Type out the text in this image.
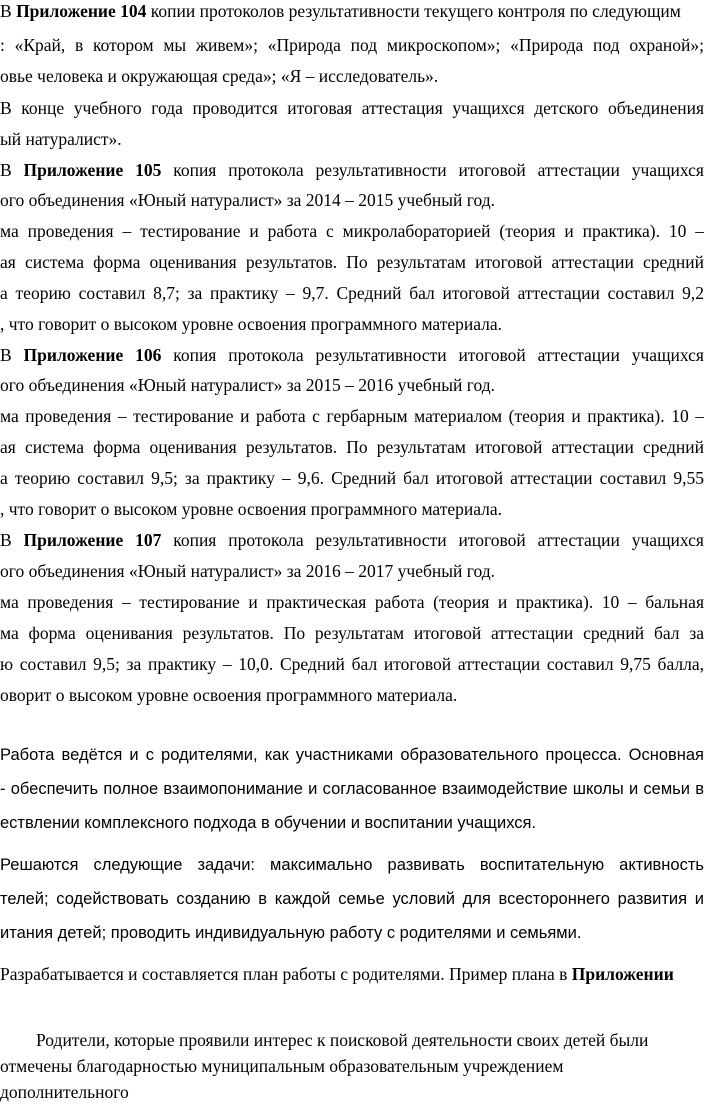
В Приложение 104 копии протоколов результативности текущего контроля по следующим
: «Край, в котором мы живем»; «Природа под микроскопом»; «Природа под охраной»;
овье человека и окружающая среда»; «Я – исследователь».
В конце учебного года проводится итоговая аттестация учащихся детского объединения
ый натуралист».
В Приложение 105 копия протокола результативности итоговой аттестации учащихся
ого объединения «Юный натуралист» за 2014 – 2015 учебный год.
ма проведения – тестирование и работа с микролабораторией (теория и практика). 10 –
ая система форма оценивания результатов. По результатам итоговой аттестации средний
а теорию составил 8,7; за практику – 9,7. Средний бал итоговой аттестации составил 9,2
, что говорит о высоком уровне освоения программного материала.
В Приложение 106 копия протокола результативности итоговой аттестации учащихся
ого объединения «Юный натуралист» за 2015 – 2016 учебный год.
ма проведения – тестирование и работа с гербарным материалом (теория и практика). 10 –
ая система форма оценивания результатов. По результатам итоговой аттестации средний
а теорию составил 9,5; за практику – 9,6. Средний бал итоговой аттестации составил 9,55
, что говорит о высоком уровне освоения программного материала.
В Приложение 107 копия протокола результативности итоговой аттестации учащихся
ого объединения «Юный натуралист» за 2016 – 2017 учебный год.
ма проведения – тестирование и практическая работа (теория и практика). 10 – бальная
ма форма оценивания результатов. По результатам итоговой аттестации средний бал за
ю составил 9,5; за практику – 10,0. Средний бал итоговой аттестации составил 9,75 балла,
оворит о высоком уровне освоения программного материала.
Работа ведётся и с родителями, как участниками образовательного процесса. Основная
- обеспечить полное взаимопонимание и согласованное взаимодействие школы и семьи в
ествлении комплексного подхода в обучении и воспитании учащихся.
Решаются следующие задачи: максимально развивать воспитательную активность
телей; содействовать созданию в каждой семье условий для всестороннего развития и
итания детей; проводить индивидуальную работу с родителями и семьями.
Разрабатывается и составляется план работы с родителями. Пример плана в Приложении
Родители, которые проявили интерес к поисковой деятельности своих детей были
отмечены благодарностью муниципальным образовательным учреждением
дополнительного
